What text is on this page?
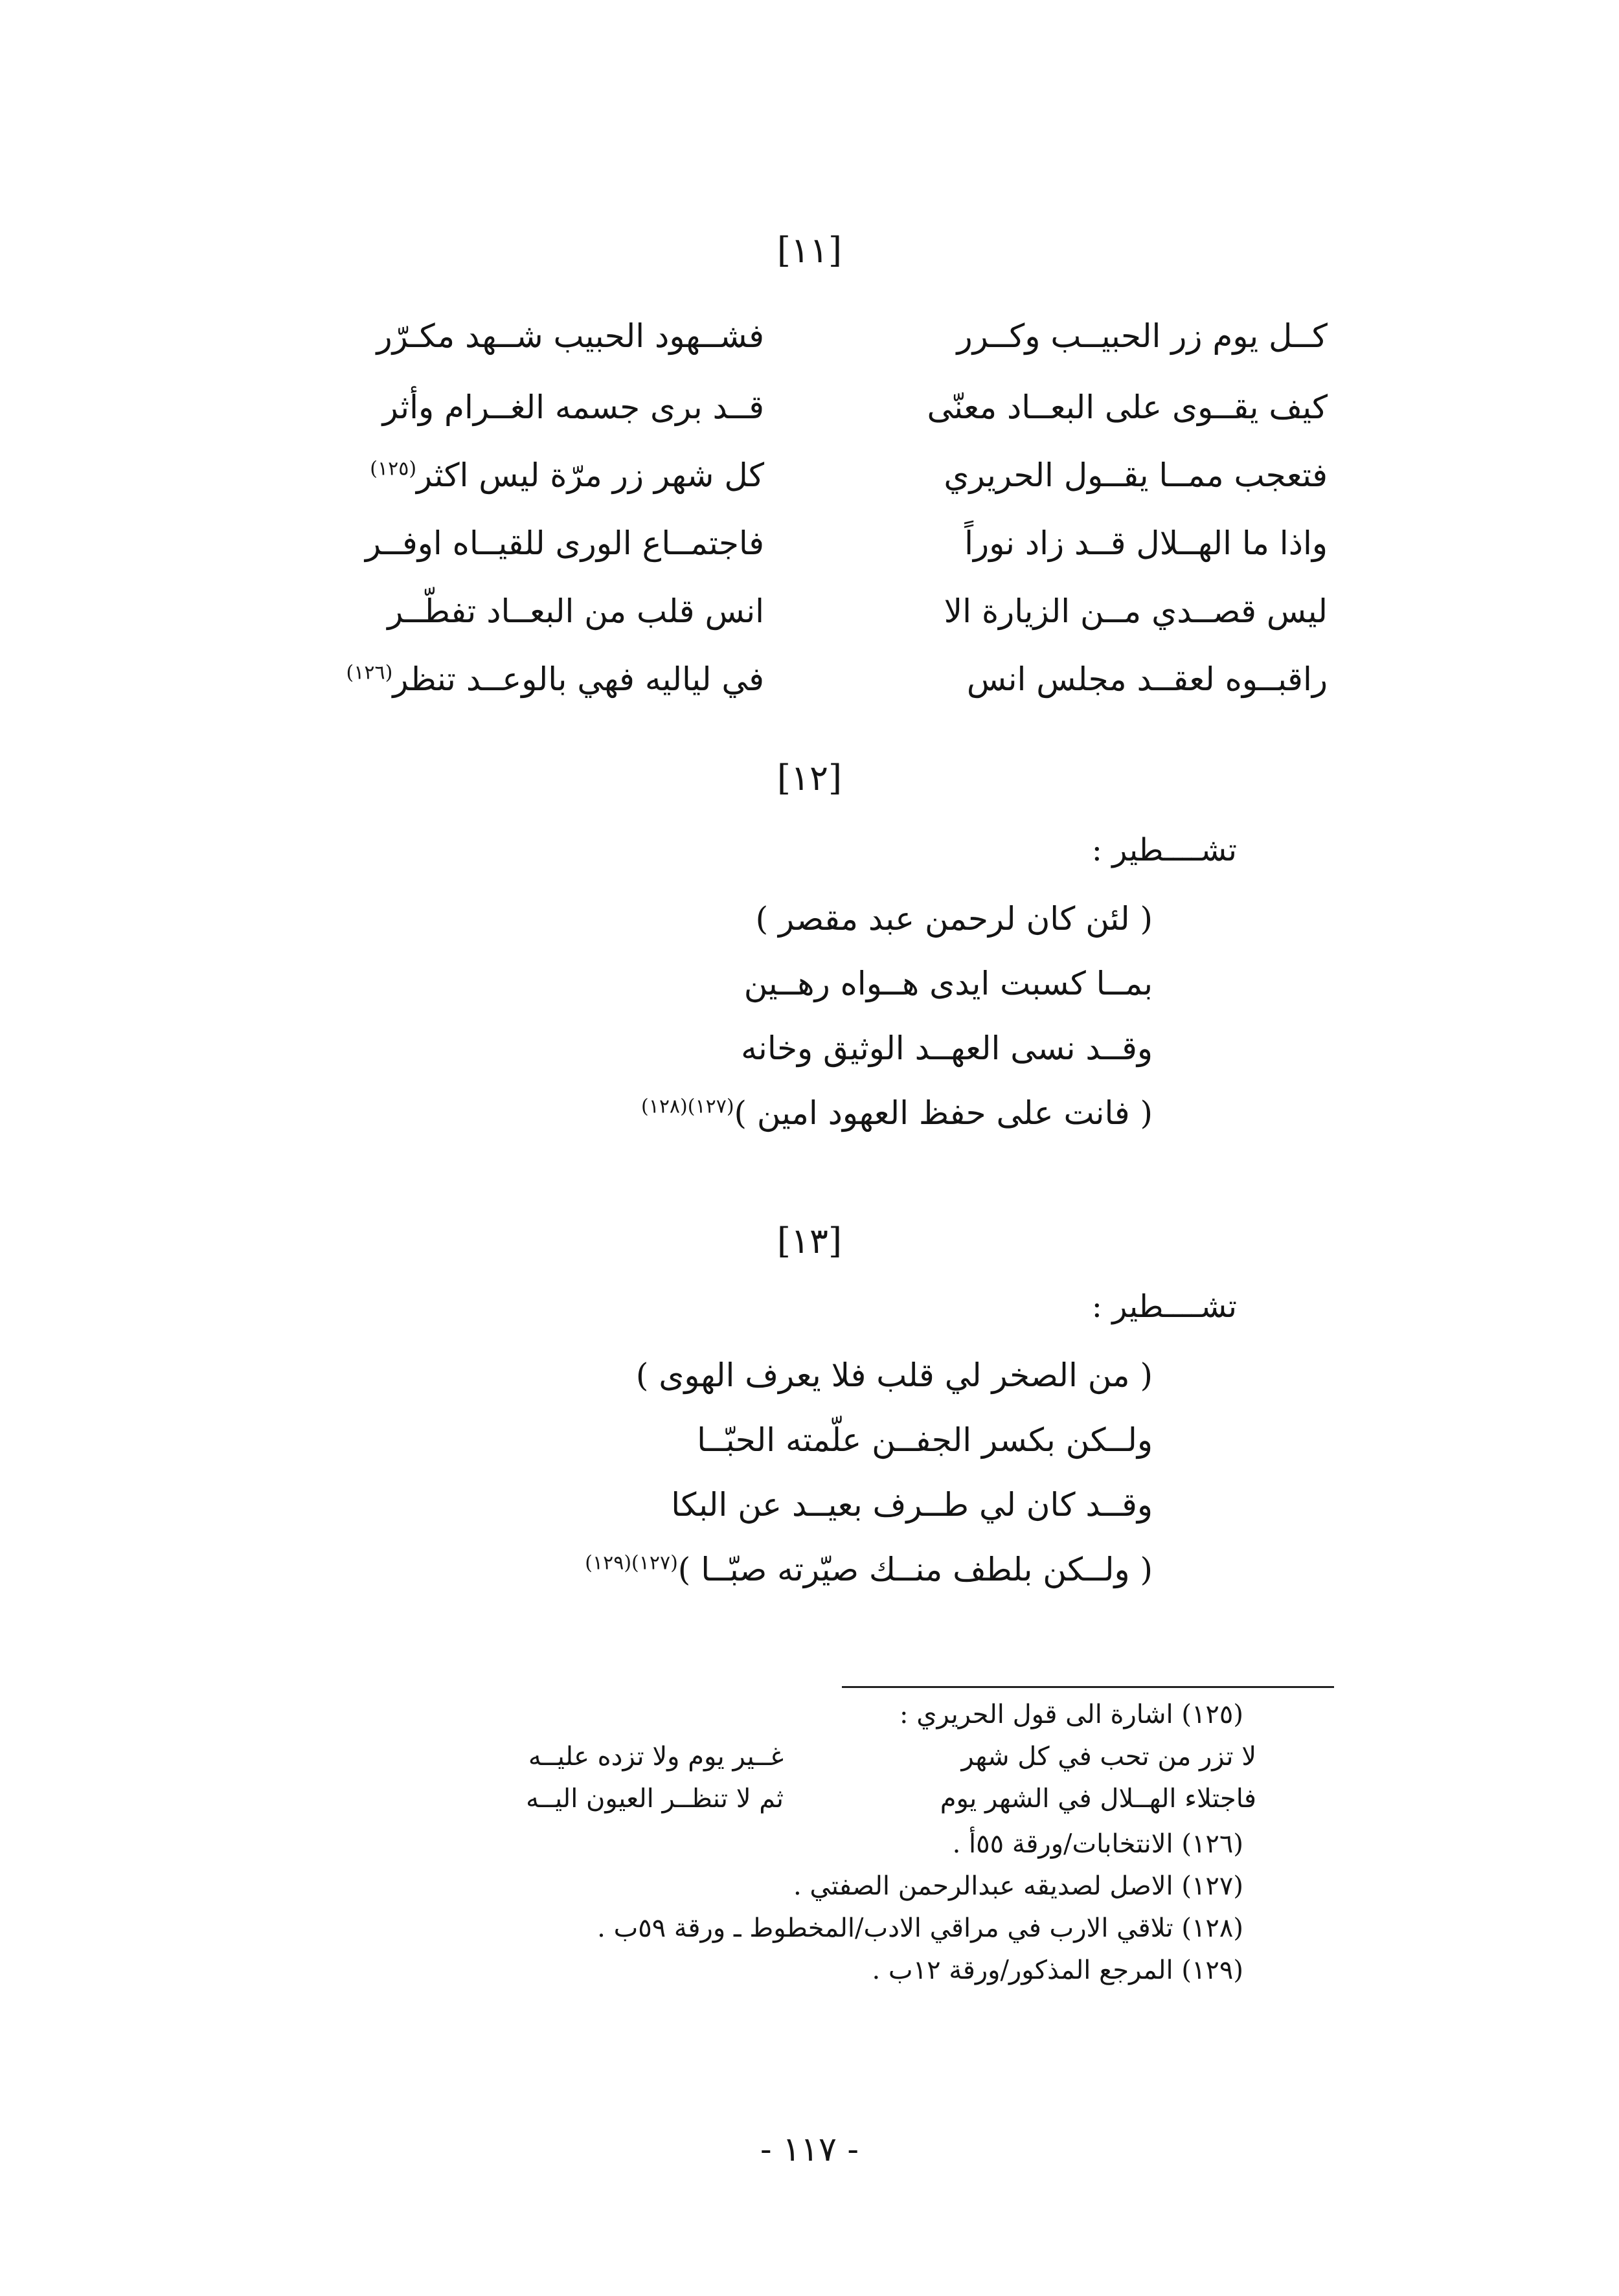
[١١]
كــل يوم زر الحبيــب وكــرر
فشــهود الحبيب شــهد مكـرّر
كيف يقــوى على البعــاد معنّى
قــد برى جسمه الغــرام وأثر
فتعجب ممــا يقــول الحريري
كل شهر زر مرّة ليس اكثر$^{(١٢٥)}$
واذا ما الهــلال قــد زاد نوراً
فاجتمــاع الورى للقيــاه اوفــر
ليس قصــدي مــن الزيارة الا
انس قلب من البعــاد تفطّــر
راقبــوه لعقــد مجلس انس
في لياليه فهي بالوعــد تنظر$^{(١٢٦)}$
[١٢]
تشــــطير :
( لئن كان لرحمن عبد مقصر )
بمــا كسبت ايدى هــواه رهــين
وقــد نسى العهــد الوثيق وخانه
( فانت على حفظ العهود امين )$^{(١٢٧)(١٢٨)}$
[١٣]
تشــــطير :
( من الصخر لي قلب فلا يعرف الهوى )
ولــكن بكسر الجفــن علّمته الحبّــا
وقــد كان لي طــرف بعيــد عن البكا
( ولــكن بلطف منــك صيّرته صبّــا )$^{(١٢٧)(١٢٩)}$
(١٢٥) اشارة الى قول الحريري :
لا تزر من تحب في كل شهر
غــير يوم ولا تزده عليــه
فاجتلاء الهــلال في الشهر يوم
ثم لا تنظــر العيون اليــه
(١٢٦) الانتخابات/ورقة ٥٥أ .
(١٢٧) الاصل لصديقه عبدالرحمن الصفتي .
(١٢٨) تلاقي الارب في مراقي الادب/المخطوط ـ ورقة ٥٩ب .
(١٢٩) المرجع المذكور/ورقة ١٢ب .
- ١١٧ -
